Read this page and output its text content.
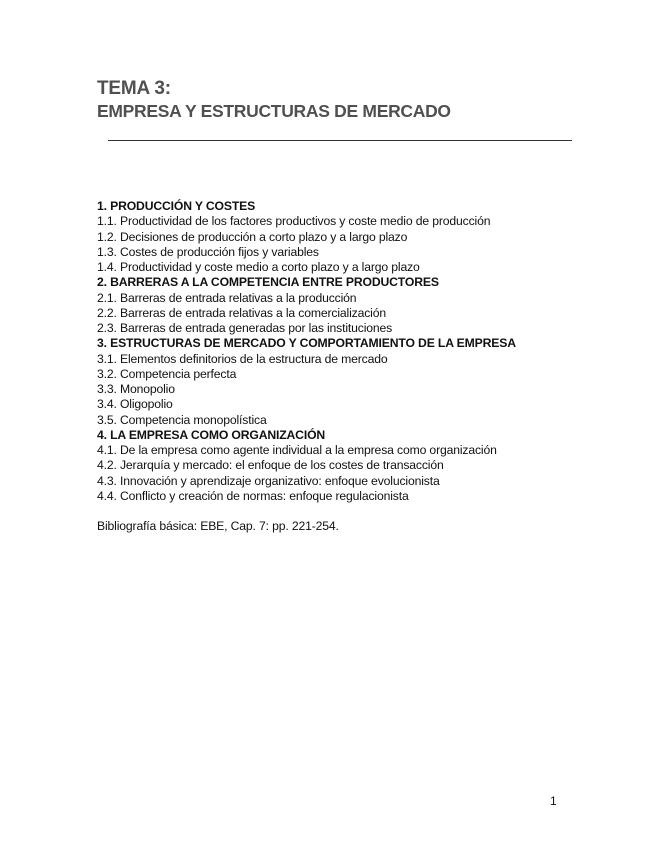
TEMA 3:
EMPRESA Y ESTRUCTURAS DE MERCADO
1. PRODUCCIÓN Y COSTES
1.1. Productividad de los factores productivos y coste medio de producción
1.2. Decisiones de producción a corto plazo y a largo plazo
1.3. Costes de producción fijos y variables
1.4. Productividad y coste medio a corto plazo y a largo plazo
2. BARRERAS A LA COMPETENCIA ENTRE PRODUCTORES
2.1. Barreras de entrada relativas a la producción
2.2. Barreras de entrada relativas a la comercialización
2.3. Barreras de entrada generadas por las instituciones
3. ESTRUCTURAS DE MERCADO Y COMPORTAMIENTO DE LA EMPRESA
3.1. Elementos definitorios de la estructura de mercado
3.2. Competencia perfecta
3.3. Monopolio
3.4. Oligopolio
3.5. Competencia monopolística
4. LA EMPRESA COMO ORGANIZACIÓN
4.1. De la empresa como agente individual a la empresa como organización
4.2. Jerarquía y mercado: el enfoque de los costes de transacción
4.3. Innovación y aprendizaje organizativo: enfoque evolucionista
4.4. Conflicto y creación de normas: enfoque regulacionista
Bibliografía básica: EBE, Cap. 7: pp. 221-254.
1
